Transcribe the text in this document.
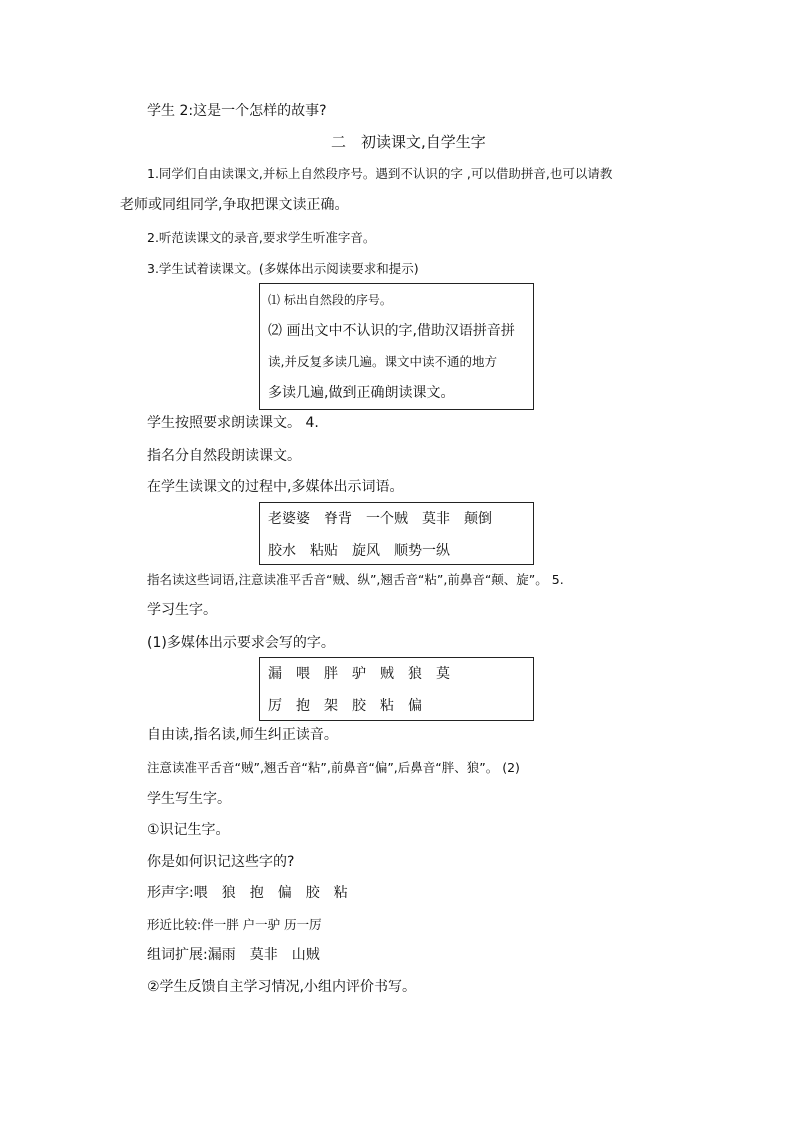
学生 2:这是一个怎样的故事?
二　初读课文,自学生字
1.同学们自由读课文,并标上自然段序号。遇到不认识的字 ,可以借助拼音,也可以请教
老师或同组同学,争取把课文读正确。
2.听范读课文的录音,要求学生听准字音。
3.学生试着读课文。(多媒体出示阅读要求和提示)
⑴ 标出自然段的序号。
⑵ 画出文中不认识的字,借助汉语拼音拼
读,并反复多读几遍。课文中读不通的地方
多读几遍,做到正确朗读课文。
学生按照要求朗读课文。 4.
指名分自然段朗读课文。
在学生读课文的过程中,多媒体出示词语。
老婆婆　脊背　一个贼　莫非　颠倒
胶水　粘贴　旋风　顺势一纵
指名读这些词语,注意读准平舌音“贼、纵”,翘舌音“粘”,前鼻音“颠、旋”。 5.
学习生字。
(1)多媒体出示要求会写的字。
漏　喂　胖　驴　贼　狼　莫
厉　抱　架　胶　粘　偏
自由读,指名读,师生纠正读音。
注意读准平舌音“贼”,翘舌音“粘”,前鼻音“偏”,后鼻音“胖、狼”。 (2)
学生写生字。
①识记生字。
你是如何识记这些字的?
形声字:喂　狼　抱　偏　胶　粘
形近比较:伴一胖 户一驴 历一厉
组词扩展:漏雨　莫非　山贼
②学生反馈自主学习情况,小组内评价书写。
